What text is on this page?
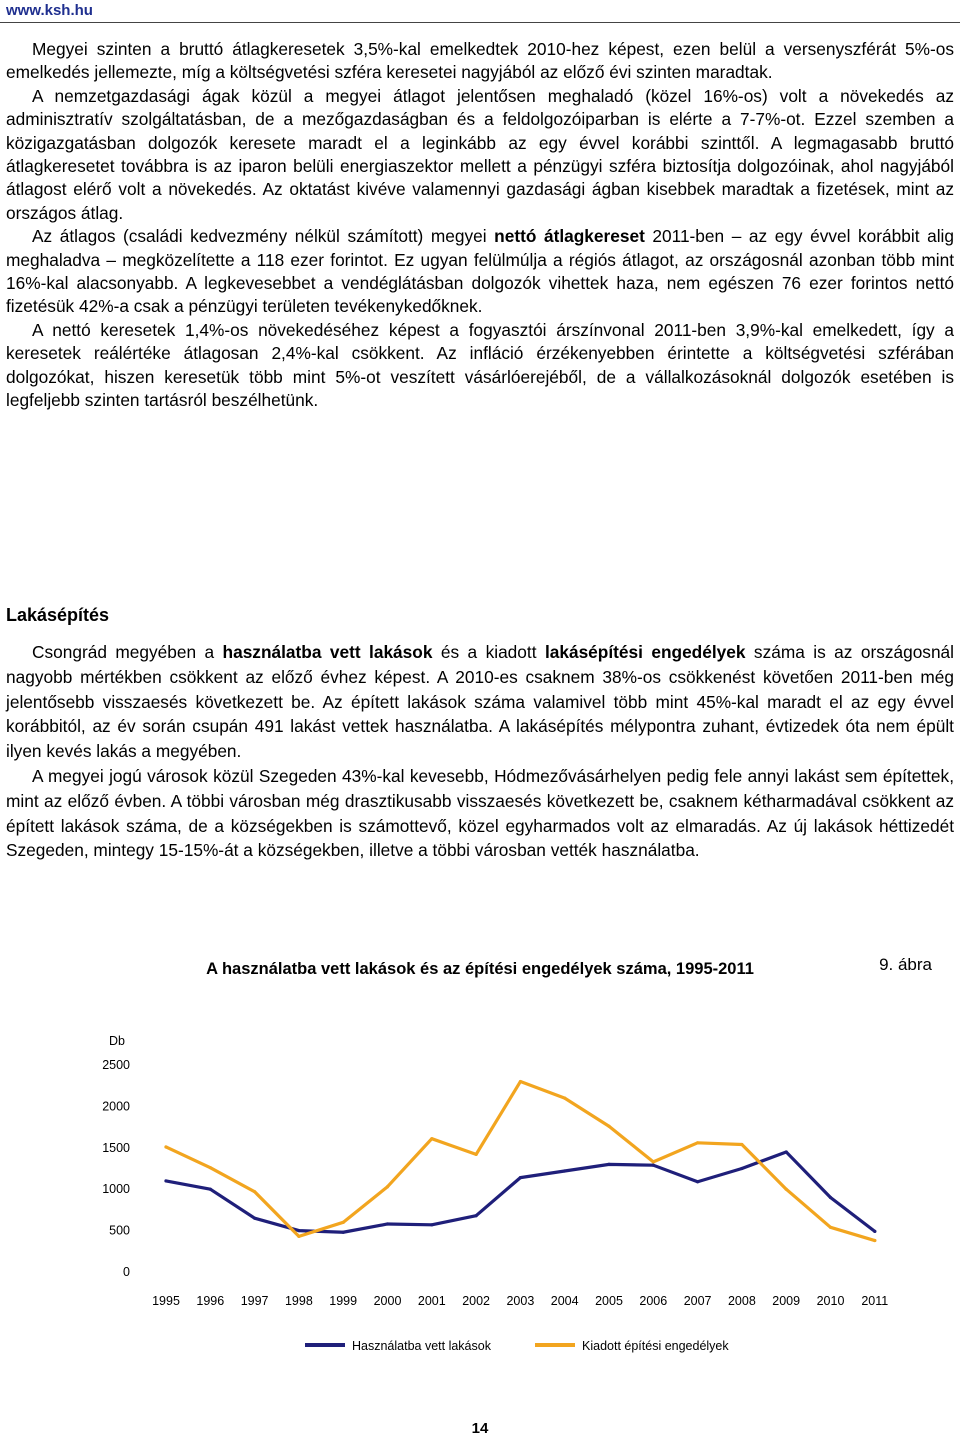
www.ksh.hu

Megyei szinten a bruttó átlagkeresetek 3,5%-kal emelkedtek 2010-hez képest, ezen belül a versenyszférát 5%-os emelkedés jellemezte, míg a költségvetési szféra keresetei nagyjából az előző évi szinten maradtak.

A nemzetgazdasági ágak közül a megyei átlagot jelentősen meghaladó (közel 16%-os) volt a növekedés az adminisztratív szolgáltatásban, de a mezőgazdaságban és a feldolgozóiparban is elérte a 7-7%-ot. Ezzel szemben a közigazgatásban dolgozók keresete maradt el a leginkább az egy évvel korábbi szinttől. A legmagasabb bruttó átlagkeresetet továbbra is az iparon belüli energiaszektor mellett a pénzügyi szféra biztosítja dolgozóinak, ahol nagyjából átlagost elérő volt a növekedés. Az oktatást kivéve valamennyi gazdasági ágban kisebbek maradtak a fizetések, mint az országos átlag.

Az átlagos (családi kedvezmény nélkül számított) megyei nettó átlagkereset 2011-ben – az egy évvel korábbit alig meghaladva – megközelítette a 118 ezer forintot. Ez ugyan felülmúlja a régiós átlagot, az országosnál azonban több mint 16%-kal alacsonyabb. A legkevesebbet a vendéglátásban dolgozók vihettek haza, nem egészen 76 ezer forintos nettó fizetésük 42%-a csak a pénzügyi területen tevékenykedőknek.

A nettó keresetek 1,4%-os növekedéséhez képest a fogyasztói árszínvonal 2011-ben 3,9%-kal emelkedett, így a keresetek reálértéke átlagosan 2,4%-kal csökkent. Az infláció érzékenyebben érintette a költségvetési szférában dolgozókat, hiszen keresetük több mint 5%-ot veszített vásárlóerejéből, de a vállalkozásoknál dolgozók esetében is legfeljebb szinten tartásról beszélhetünk.

Lakásépítés

Csongrád megyében a használatba vett lakások és a kiadott lakásépítési engedélyek száma is az országosnál nagyobb mértékben csökkent az előző évhez képest. A 2010-es csaknem 38%-os csökkenést követően 2011-ben még jelentősebb visszaesés következett be. Az épített lakások száma valamivel több mint 45%-kal maradt el az egy évvel korábbitól, az év során csupán 491 lakást vettek használatba. A lakásépítés mélypontra zuhant, évtizedek óta nem épült ilyen kevés lakás a megyében.

A megyei jogú városok közül Szegeden 43%-kal kevesebb, Hódmezővásárhelyen pedig fele annyi lakást sem építettek, mint az előző évben. A többi városban még drasztikusabb visszaesés következett be, csaknem kétharmadával csökkent az épített lakások száma, de a községekben is számottevő, közel egyharmados volt az elmaradás. Az új lakások héttizedét Szegeden, mintegy 15-15%-át a községekben, illetve a többi városban vették használatba.

9. ábra
A használatba vett lakások és az építési engedélyek száma, 1995-2011
Db
2500
2000
1500
1000
500
0
1995 1996 1997 1998 1999 2000 2001 2002 2003 2004 2005 2006 2007 2008 2009 2010 2011
Használatba vett lakások	Kiadott építési engedélyek
14
